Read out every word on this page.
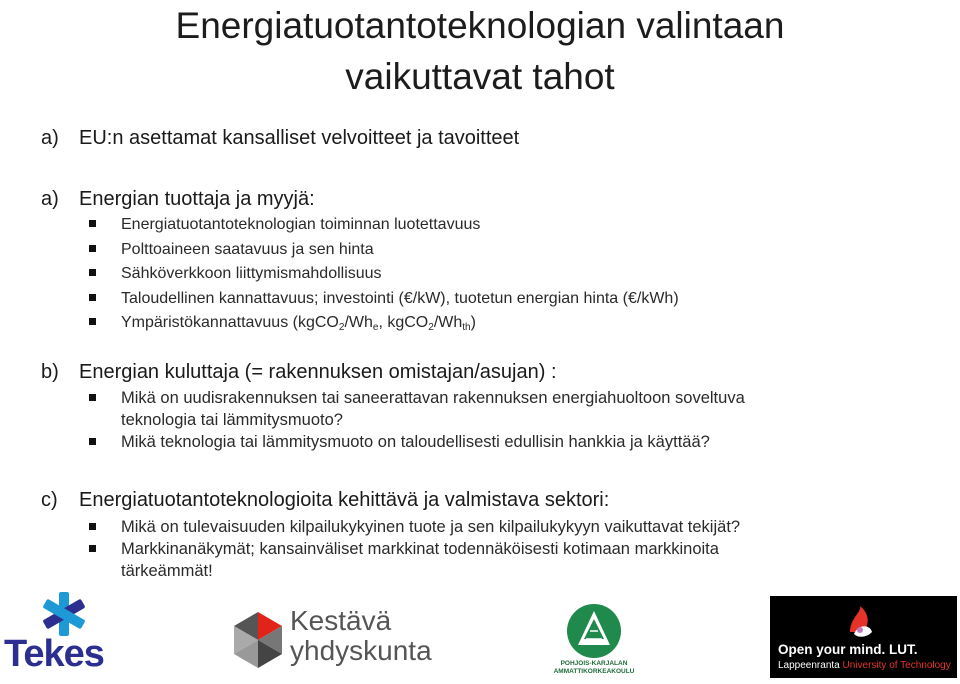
Energiatuotantoteknologian valintaan
vaikuttavat tahot
a) EU:n asettamat kansalliset velvoitteet ja tavoitteet
a) Energian tuottaja ja myyjä:
Energiatuotantoteknologian toiminnan luotettavuus
Polttoaineen saatavuus ja sen hinta
Sähköverkkoon liittymismahdollisuus
Taloudellinen kannattavuus; investointi (€/kW), tuotetun energian hinta (€/kWh)
Ympäristökannattavuus ($kgCO_2/Wh_e$, $kgCO_2/Wh_{th}$)
b) Energian kuluttaja (= rakennuksen omistajan/asujan) :
Mikä on uudisrakennuksen tai saneerattavan rakennuksen energiahuoltoon soveltuva
teknologia tai lämmitysmuoto?
Mikä teknologia tai lämmitysmuoto on taloudellisesti edullisin hankkia ja käyttää?
c) Energiatuotantoteknologioita kehittävä ja valmistava sektori:
Mikä on tulevaisuuden kilpailukykyinen tuote ja sen kilpailukykyyn vaikuttavat tekijät?
Markkinanäkymät; kansainväliset markkinat todennäköisesti kotimaan markkinoita
tärkeämmät!
Tekes
Kestävä
yhdyskunta	POHJOIS-KARJALAN
AMMATTIKORKEAKOULU
Open your mind. LUT.
Lappeenranta University of Technology
